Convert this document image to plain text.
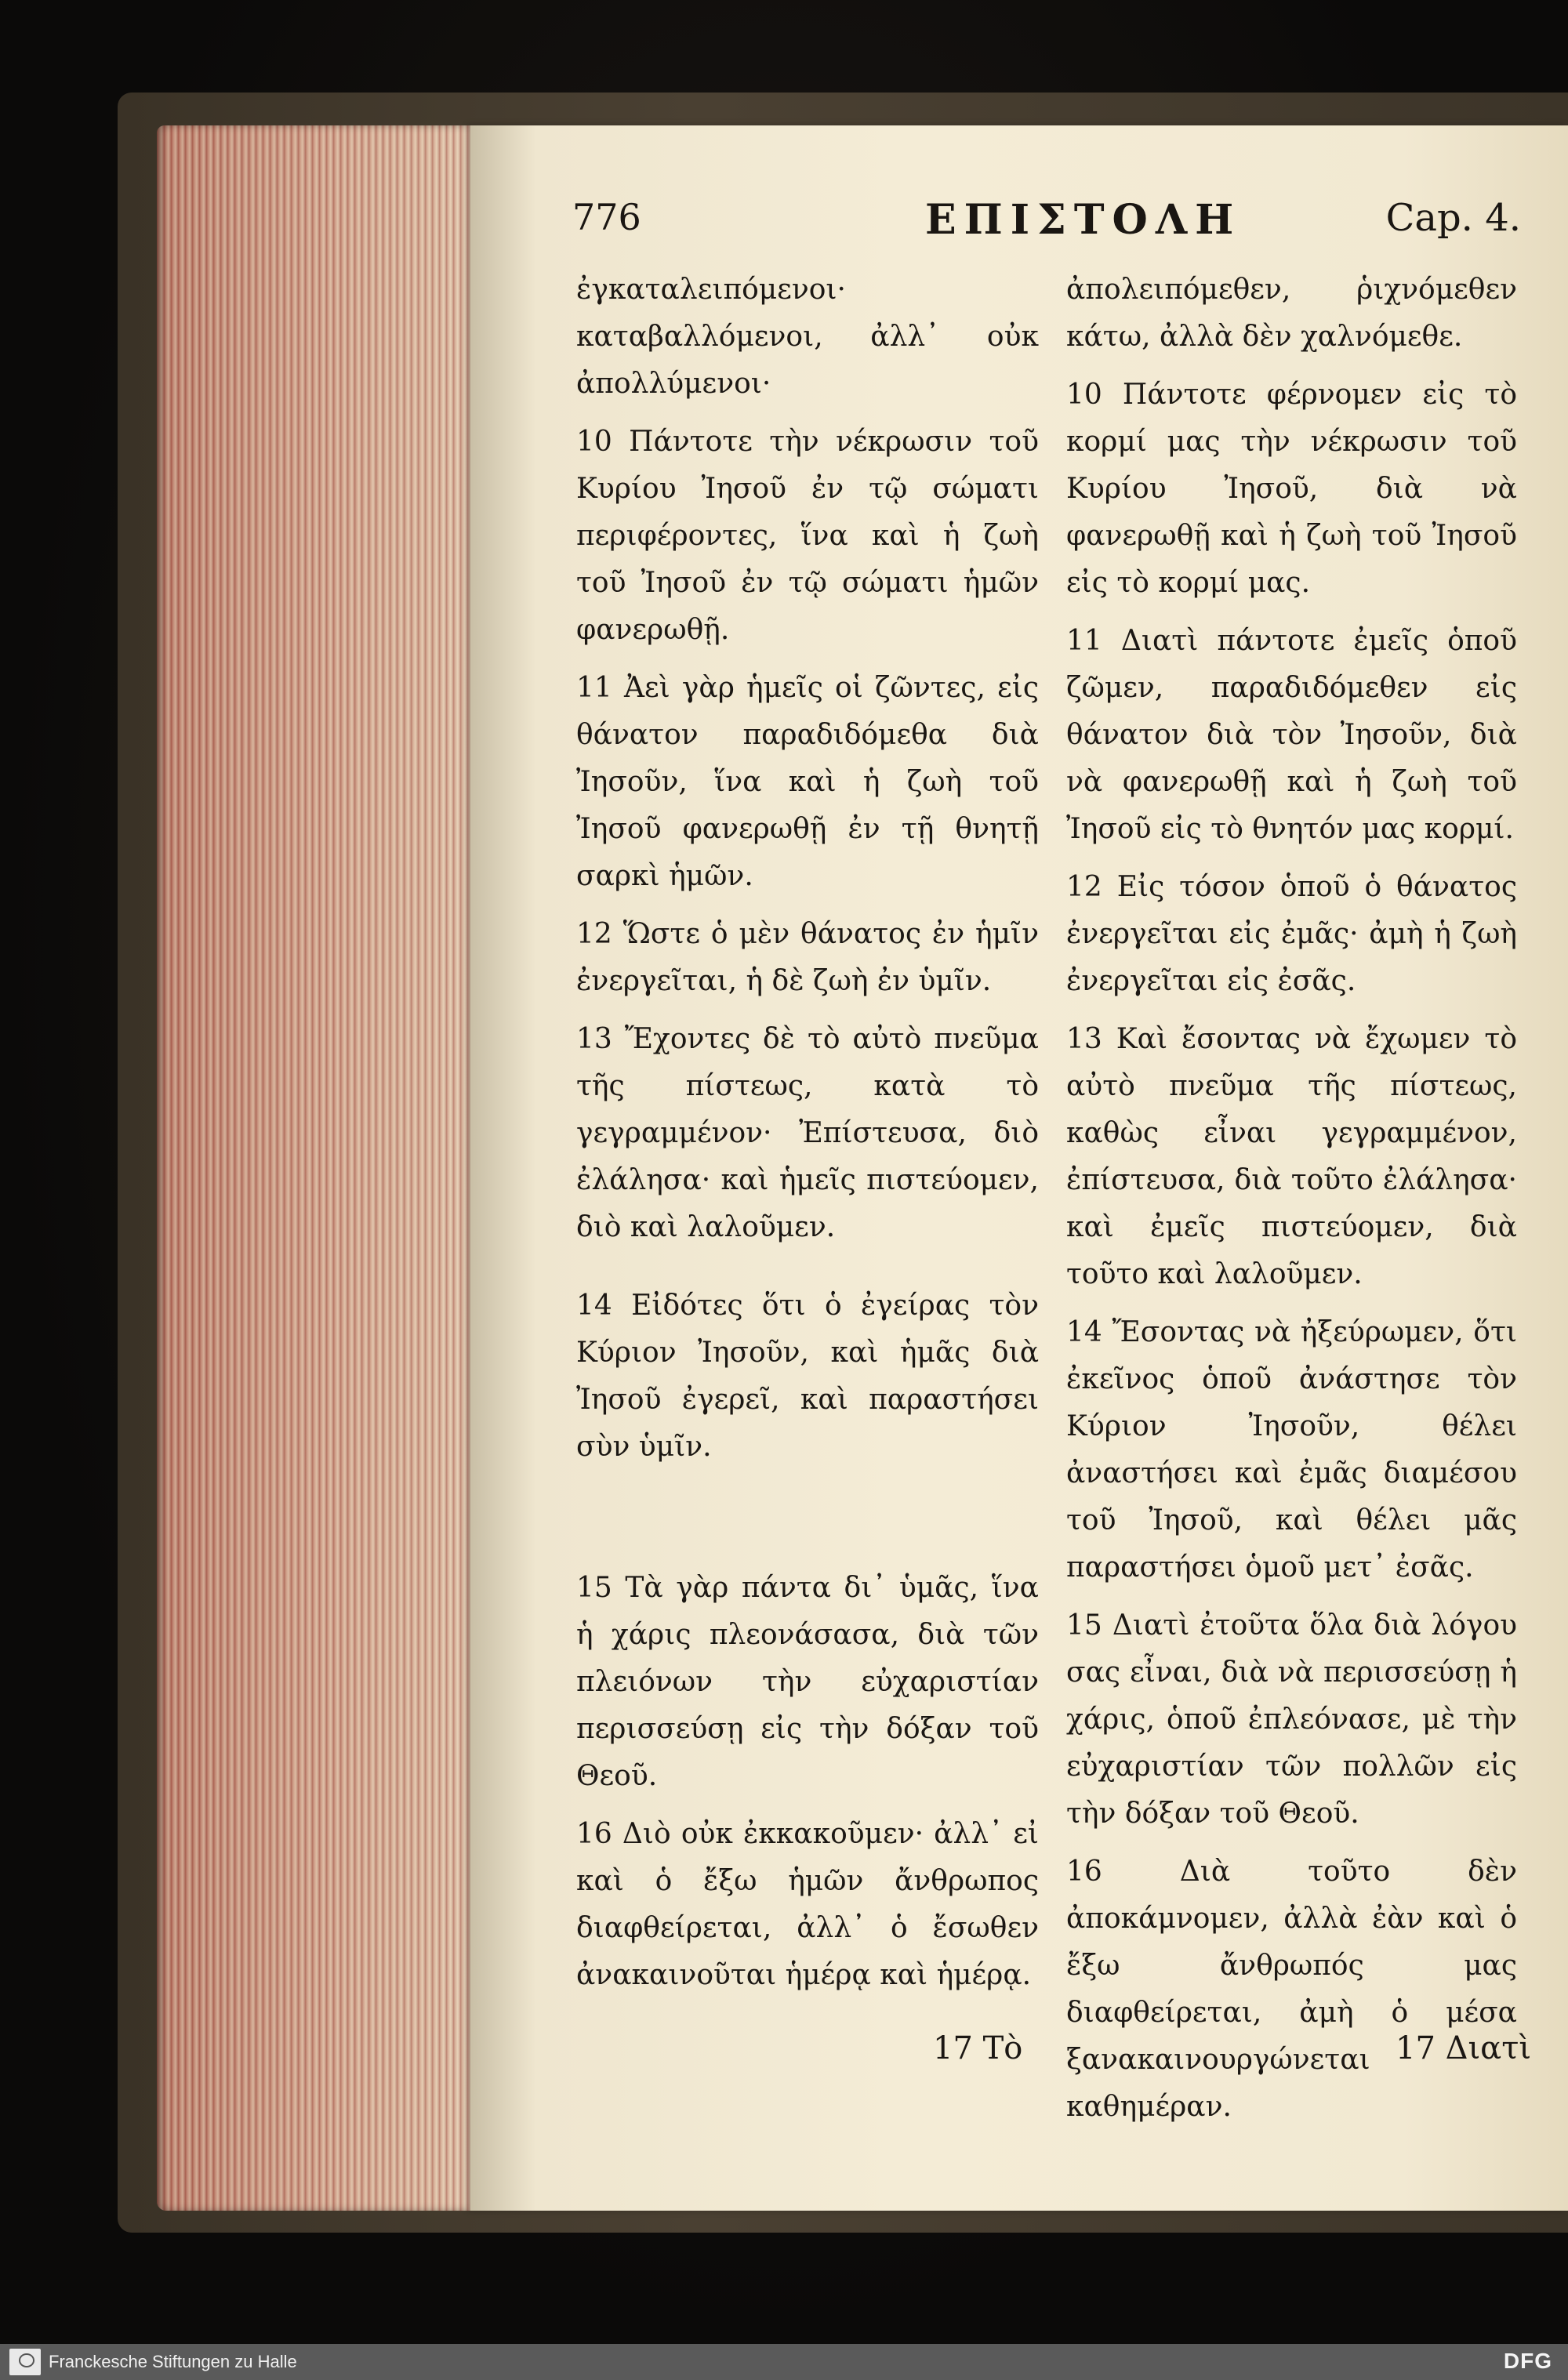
776	ΕΠΙΣΤΟΛΗ	Cap. 4.

ἐγκαταλειπόμενοι· καταβαλλόμενοι, ἀλλ᾽ οὐκ ἀπολλύμενοι·

10 Πάντοτε τὴν νέκρωσιν τοῦ Κυρίου Ἰησοῦ ἐν τῷ σώματι περιφέροντες, ἵνα καὶ ἡ ζωὴ τοῦ Ἰησοῦ ἐν τῷ σώματι ἡμῶν φανερωθῇ.

11 Ἀεὶ γὰρ ἡμεῖς οἱ ζῶντες, εἰς θάνατον παραδιδόμεθα διὰ Ἰησοῦν, ἵνα καὶ ἡ ζωὴ τοῦ Ἰησοῦ φανερωθῇ ἐν τῇ θνητῇ σαρκὶ ἡμῶν.

12 Ὥστε ὁ μὲν θάνατος ἐν ἡμῖν ἐνεργεῖται, ἡ δὲ ζωὴ ἐν ὑμῖν.

13 Ἔχοντες δὲ τὸ αὐτὸ πνεῦμα τῆς πίστεως, κατὰ τὸ γεγραμμένον· Ἐπίστευσα, διὸ ἐλάλησα· καὶ ἡμεῖς πιστεύομεν, διὸ καὶ λαλοῦμεν.

14 Εἰδότες ὅτι ὁ ἐγείρας τὸν Κύριον Ἰησοῦν, καὶ ἡμᾶς διὰ Ἰησοῦ ἐγερεῖ, καὶ παραστήσει σὺν ὑμῖν.

15 Τὰ γὰρ πάντα δι᾽ ὑμᾶς, ἵνα ἡ χάρις πλεονάσασα, διὰ τῶν πλειόνων τὴν εὐχαριστίαν περισσεύσῃ εἰς τὴν δόξαν τοῦ Θεοῦ.

16 Διὸ οὐκ ἐκκακοῦμεν· ἀλλ᾽ εἰ καὶ ὁ ἔξω ἡμῶν ἄνθρωπος διαφθείρεται, ἀλλ᾽ ὁ ἔσωθεν ἀνακαινοῦται ἡμέρᾳ καὶ ἡμέρᾳ.

ἀπολειπόμεθεν, ῥιχνόμεθεν κάτω, ἀλλὰ δὲν χαλνόμεθε.

10 Πάντοτε φέρνομεν εἰς τὸ κορμί μας τὴν νέκρωσιν τοῦ Κυρίου Ἰησοῦ, διὰ νὰ φανερωθῇ καὶ ἡ ζωὴ τοῦ Ἰησοῦ εἰς τὸ κορμί μας.

11 Διατὶ πάντοτε ἐμεῖς ὁποῦ ζῶμεν, παραδιδόμεθεν εἰς θάνατον διὰ τὸν Ἰησοῦν, διὰ νὰ φανερωθῇ καὶ ἡ ζωὴ τοῦ Ἰησοῦ εἰς τὸ θνητόν μας κορμί.

12 Εἰς τόσον ὁποῦ ὁ θάνατος ἐνεργεῖται εἰς ἐμᾶς· ἀμὴ ἡ ζωὴ ἐνεργεῖται εἰς ἐσᾶς.

13 Καὶ ἔσοντας νὰ ἔχωμεν τὸ αὐτὸ πνεῦμα τῆς πίστεως, καθὼς εἶναι γεγραμμένον, ἐπίστευσα, διὰ τοῦτο ἐλάλησα· καὶ ἐμεῖς πιστεύομεν, διὰ τοῦτο καὶ λαλοῦμεν.

14 Ἔσοντας νὰ ἠξεύρωμεν, ὅτι ἐκεῖνος ὁποῦ ἀνάστησε τὸν Κύριον Ἰησοῦν, θέλει ἀναστήσει καὶ ἐμᾶς διαμέσου τοῦ Ἰησοῦ, καὶ θέλει μᾶς παραστήσει ὁμοῦ μετ᾽ ἐσᾶς.

15 Διατὶ ἐτοῦτα ὅλα διὰ λόγου σας εἶναι, διὰ νὰ περισσεύσῃ ἡ χάρις, ὁποῦ ἐπλεόνασε, μὲ τὴν εὐχαριστίαν τῶν πολλῶν εἰς τὴν δόξαν τοῦ Θεοῦ.

16 Διὰ τοῦτο δὲν ἀποκάμνομεν, ἀλλὰ ἐὰν καὶ ὁ ἔξω ἄνθρωπός μας διαφθείρεται, ἀμὴ ὁ μέσα ξανακαινουργώνεται καθημέραν.

17 Τὸ	17 Διατὶ
Franckesche Stiftungen zu Halle	DFG
